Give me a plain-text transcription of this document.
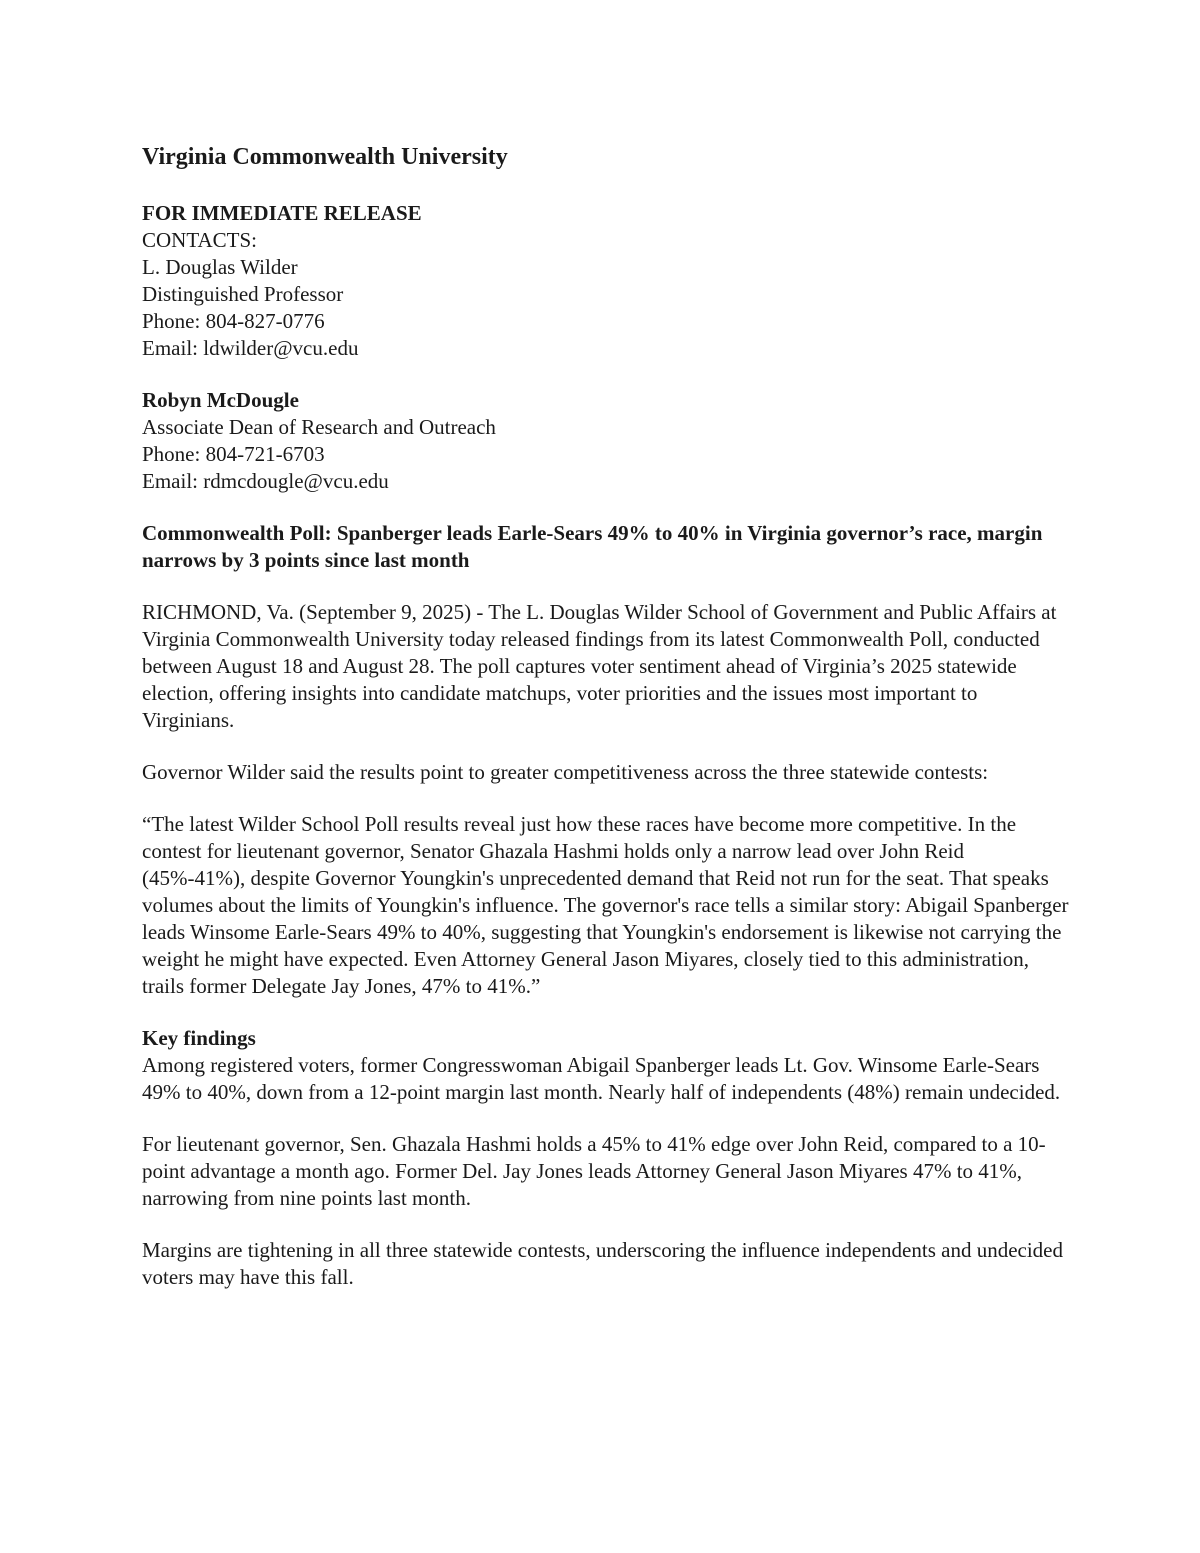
Virginia Commonwealth University
FOR IMMEDIATE RELEASE
CONTACTS:
L. Douglas Wilder
Distinguished Professor
Phone: 804-827-0776
Email: ldwilder@vcu.edu
Robyn McDougle
Associate Dean of Research and Outreach
Phone: 804-721-6703
Email: rdmcdougle@vcu.edu
Commonwealth Poll: Spanberger leads Earle-Sears 49% to 40% in Virginia governor’s race, margin narrows by 3 points since last month
RICHMOND, Va. (September 9, 2025) - The L. Douglas Wilder School of Government and Public Affairs at Virginia Commonwealth University today released findings from its latest Commonwealth Poll, conducted between August 18 and August 28. The poll captures voter sentiment ahead of Virginia’s 2025 statewide election, offering insights into candidate matchups, voter priorities and the issues most important to Virginians.
Governor Wilder said the results point to greater competitiveness across the three statewide contests:
“The latest Wilder School Poll results reveal just how these races have become more competitive. In the contest for lieutenant governor, Senator Ghazala Hashmi holds only a narrow lead over John Reid (45%-41%), despite Governor Youngkin's unprecedented demand that Reid not run for the seat. That speaks volumes about the limits of Youngkin's influence. The governor's race tells a similar story: Abigail Spanberger leads Winsome Earle-Sears 49% to 40%, suggesting that Youngkin's endorsement is likewise not carrying the weight he might have expected. Even Attorney General Jason Miyares, closely tied to this administration, trails former Delegate Jay Jones, 47% to 41%.”
Key findings
Among registered voters, former Congresswoman Abigail Spanberger leads Lt. Gov. Winsome Earle-Sears 49% to 40%, down from a 12-point margin last month. Nearly half of independents (48%) remain undecided.
For lieutenant governor, Sen. Ghazala Hashmi holds a 45% to 41% edge over John Reid, compared to a 10-point advantage a month ago. Former Del. Jay Jones leads Attorney General Jason Miyares 47% to 41%, narrowing from nine points last month.
Margins are tightening in all three statewide contests, underscoring the influence independents and undecided voters may have this fall.
